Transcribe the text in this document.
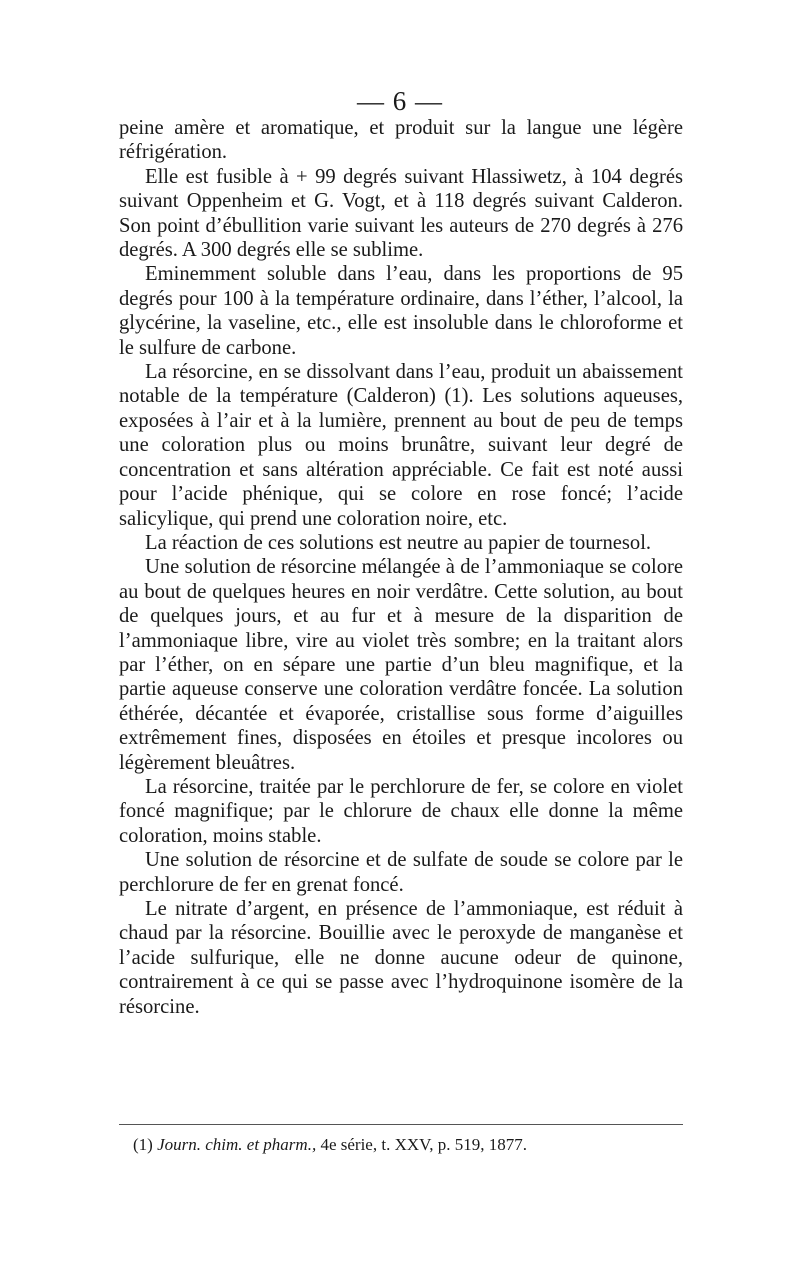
— 6 —

peine amère et aromatique, et produit sur la langue une légère réfrigération.

Elle est fusible à + 99 degrés suivant Hlassiwetz, à 104 degrés suivant Oppenheim et G. Vogt, et à 118 degrés suivant Calderon. Son point d’ébullition varie suivant les auteurs de 270 degrés à 276 degrés. A 300 degrés elle se sublime.

Eminemment soluble dans l’eau, dans les proportions de 95 degrés pour 100 à la température ordinaire, dans l’éther, l’alcool, la glycérine, la vaseline, etc., elle est insoluble dans le chloroforme et le sulfure de carbone.

La résorcine, en se dissolvant dans l’eau, produit un abaissement notable de la température (Calderon) (1). Les solutions aqueuses, exposées à l’air et à la lumière, prennent au bout de peu de temps une coloration plus ou moins brunâtre, suivant leur degré de concentration et sans altération appréciable. Ce fait est noté aussi pour l’acide phénique, qui se colore en rose foncé; l’acide salicylique, qui prend une coloration noire, etc.

La réaction de ces solutions est neutre au papier de tournesol.

Une solution de résorcine mélangée à de l’ammoniaque se colore au bout de quelques heures en noir verdâtre. Cette solution, au bout de quelques jours, et au fur et à mesure de la disparition de l’ammoniaque libre, vire au violet très sombre; en la traitant alors par l’éther, on en sépare une partie d’un bleu magnifique, et la partie aqueuse conserve une coloration verdâtre foncée. La solution éthérée, décantée et évaporée, cristallise sous forme d’aiguilles extrêmement fines, disposées en étoiles et presque incolores ou légèrement bleuâtres.

La résorcine, traitée par le perchlorure de fer, se colore en violet foncé magnifique; par le chlorure de chaux elle donne la même coloration, moins stable.

Une solution de résorcine et de sulfate de soude se colore par le perchlorure de fer en grenat foncé.

Le nitrate d’argent, en présence de l’ammoniaque, est réduit à chaud par la résorcine. Bouillie avec le peroxyde de manganèse et l’acide sulfurique, elle ne donne aucune odeur de quinone, contrairement à ce qui se passe avec l’hydroquinone isomère de la résorcine.

(1) Journ. chim. et pharm., 4e série, t. XXV, p. 519, 1877.
